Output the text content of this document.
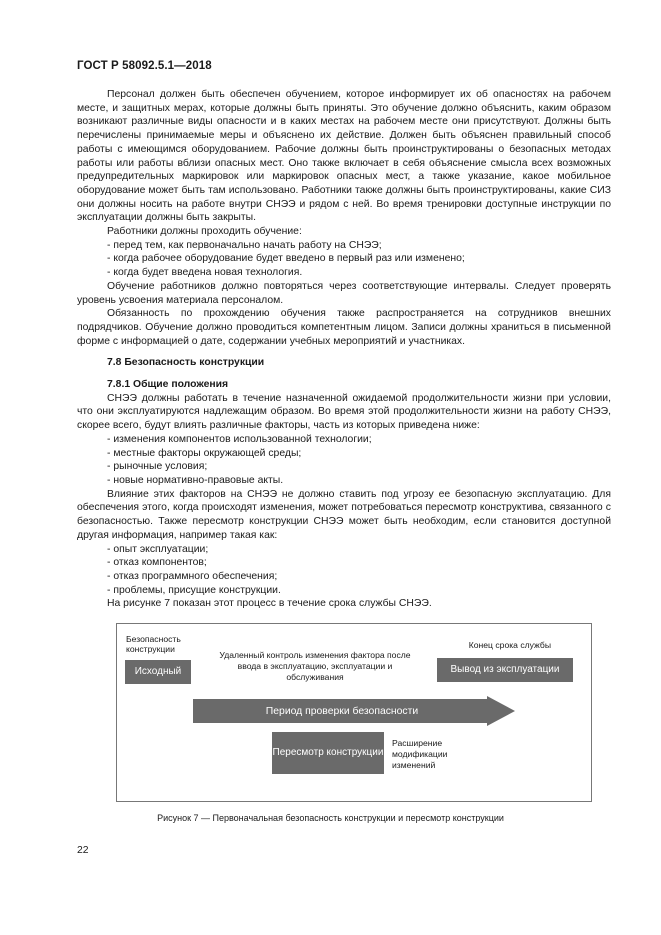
ГОСТ Р 58092.5.1—2018

Персонал должен быть обеспечен обучением, которое информирует их об опасностях на рабочем месте, и защитных мерах, которые должны быть приняты. Это обучение должно объяснить, каким образом возникают различные виды опасности и в каких местах на рабочем месте они присутствуют. Должны быть перечислены принимаемые меры и объяснено их действие. Должен быть объяснен правильный способ работы с имеющимся оборудованием. Рабочие должны быть проинструктированы о безопасных методах работы или работы вблизи опасных мест. Оно также включает в себя объяснение смысла всех возможных предупредительных маркировок или маркировок опасных мест, а также указание, какое мобильное оборудование может быть там использовано. Работники также должны быть проинструктированы, какие СИЗ они должны носить на работе внутри СНЭЭ и рядом с ней. Во время тренировки доступные инструкции по эксплуатации должны быть закрыты.

Работники должны проходить обучение:

- перед тем, как первоначально начать работу на СНЭЭ;

- когда рабочее оборудование будет введено в первый раз или изменено;

- когда будет введена новая технология.

Обучение работников должно повторяться через соответствующие интервалы. Следует проверять уровень усвоения материала персоналом.

Обязанность по прохождению обучения также распространяется на сотрудников внешних подрядчиков. Обучение должно проводиться компетентным лицом. Записи должны храниться в письменной форме с информацией о дате, содержании учебных мероприятий и участниках.

7.8 Безопасность конструкции
7.8.1 Общие положения

СНЭЭ должны работать в течение назначенной ожидаемой продолжительности жизни при условии, что они эксплуатируются надлежащим образом. Во время этой продолжительности жизни на работу СНЭЭ, скорее всего, будут влиять различные факторы, часть из которых приведена ниже:

- изменения компонентов использованной технологии;

- местные факторы окружающей среды;

- рыночные условия;

- новые нормативно-правовые акты.

Влияние этих факторов на СНЭЭ не должно ставить под угрозу ее безопасную эксплуатацию. Для обеспечения этого, когда происходят изменения, может потребоваться пересмотр конструктива, связанного с безопасностью. Также пересмотр конструкции СНЭЭ может быть необходим, если становится доступной другая информация, например такая как:

- опыт эксплуатации;

- отказ компонентов;

- отказ программного обеспечения;

- проблемы, присущие конструкции.

На рисунке 7 показан этот процесс в течение срока службы СНЭЭ.

Безопасность конструкции
Удаленный контроль изменения фактора после ввода в эксплуатацию, эксплуатации и обслуживания
Конец срока службы
Исходный	Вывод из эксплуатации
Период проверки безопасности
Пересмотр конструкции
Расширение модификации изменений
Рисунок 7 — Первоначальная безопасность конструкции и пересмотр конструкции
22
